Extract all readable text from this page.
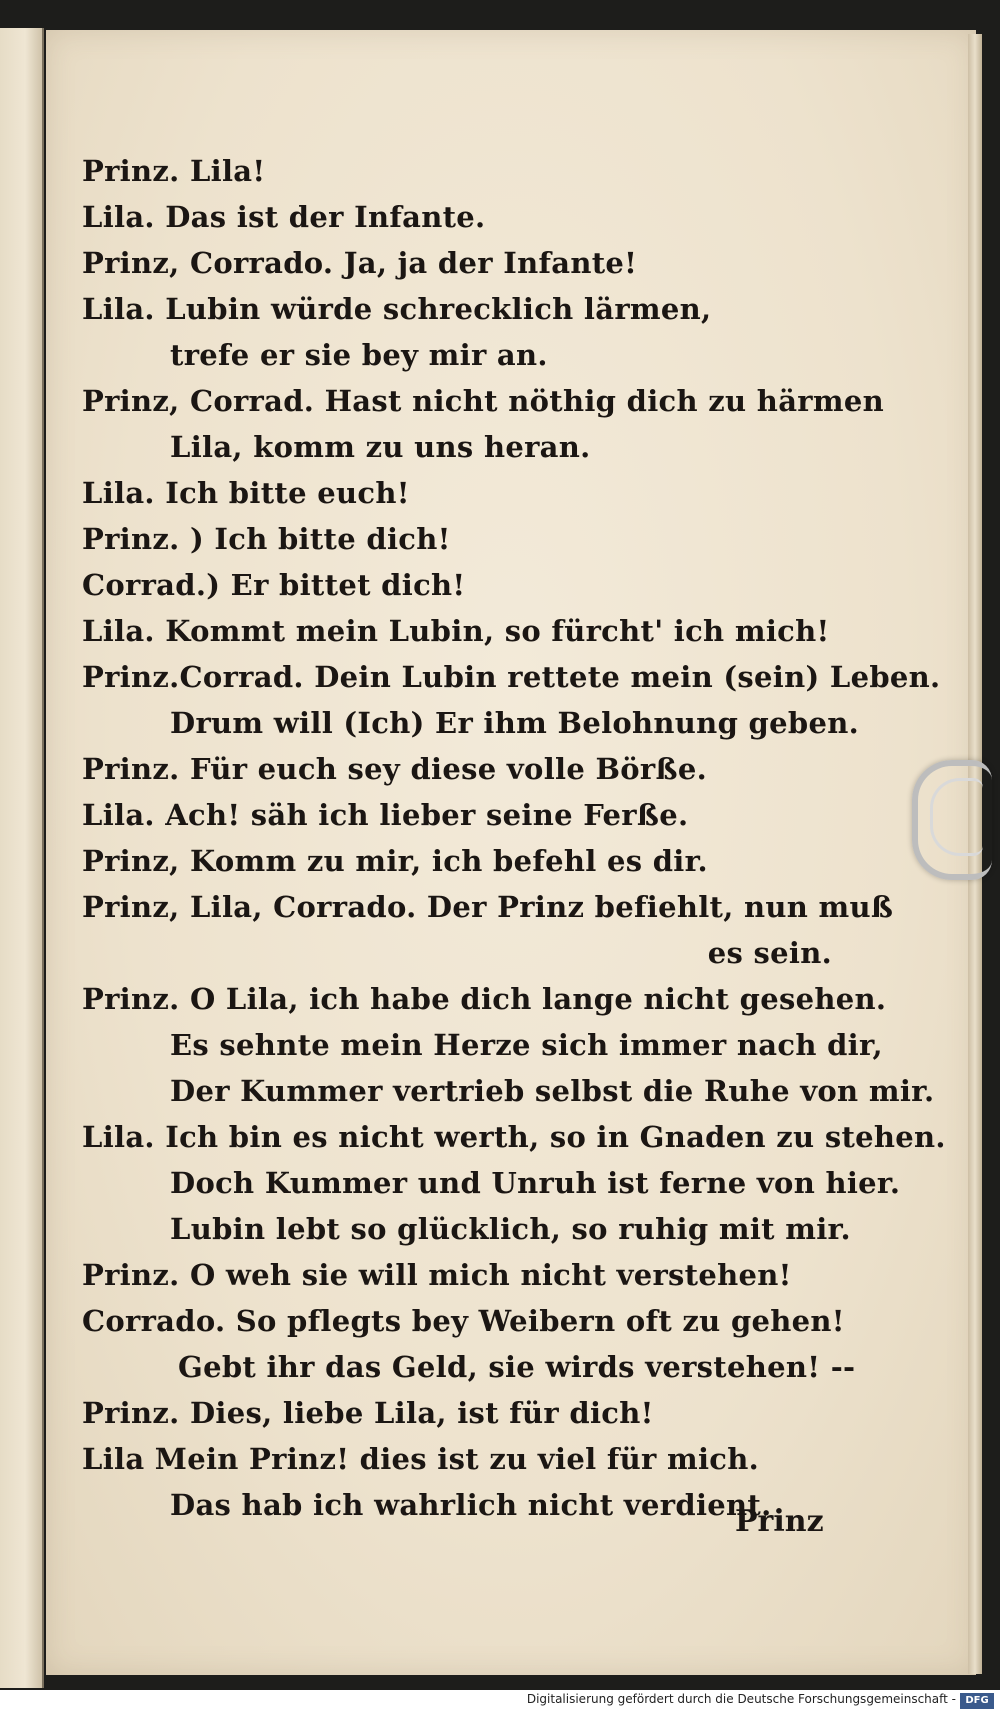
Prinz. Lila!
Lila. Das ist der Infante.
Prinz, Corrado. Ja, ja der Infante!
Lila. Lubin würde schrecklich lärmen,
trefe er sie bey mir an.
Prinz, Corrad. Hast nicht nöthig dich zu härmen
Lila, komm zu uns heran.
Lila. Ich bitte euch!
Prinz. ) Ich bitte dich!
Corrad.) Er bittet dich!
Lila. Kommt mein Lubin, so fürcht' ich mich!
Prinz.Corrad. Dein Lubin rettete mein (sein) Leben.
Drum will (Ich) Er ihm Belohnung geben.
Prinz. Für euch sey diese volle Börße.
Lila. Ach! säh ich lieber seine Ferße.
Prinz, Komm zu mir, ich befehl es dir.
Prinz, Lila, Corrado. Der Prinz befiehlt, nun muß
es sein.
Prinz. O Lila, ich habe dich lange nicht gesehen.
Es sehnte mein Herze sich immer nach dir,
Der Kummer vertrieb selbst die Ruhe von mir.
Lila. Ich bin es nicht werth, so in Gnaden zu stehen.
Doch Kummer und Unruh ist ferne von hier.
Lubin lebt so glücklich, so ruhig mit mir.
Prinz. O weh sie will mich nicht verstehen!
Corrado. So pflegts bey Weibern oft zu gehen!
Gebt ihr das Geld, sie wirds verstehen! --
Prinz. Dies, liebe Lila, ist für dich!
Lila Mein Prinz! dies ist zu viel für mich.
Das hab ich wahrlich nicht verdient.
Prinz
Digitalisierung gefördert durch die Deutsche Forschungsgemeinschaft - DFG
